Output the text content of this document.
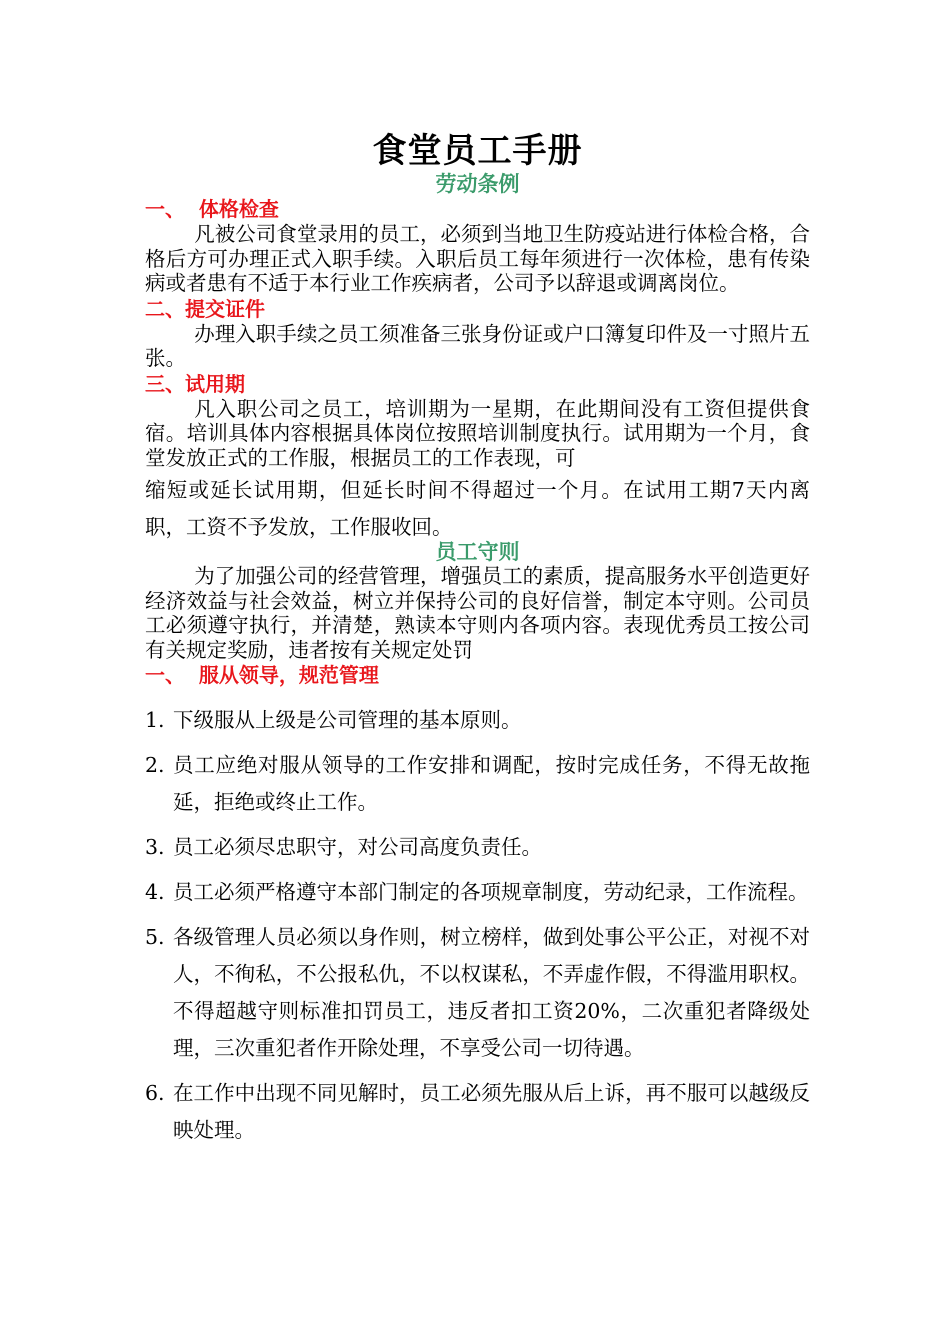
食堂员工手册
劳动条例
一、  体格检查

凡被公司食堂录用的员工，必须到当地卫生防疫站进行体检合格，合格后方可办理正式入职手续。入职后员工每年须进行一次体检，患有传染病或者患有不适于本行业工作疾病者，公司予以辞退或调离岗位。

二、提交证件

办理入职手续之员工须准备三张身份证或户口簿复印件及一寸照片五张。

三、试用期

凡入职公司之员工，培训期为一星期，在此期间没有工资但提供食宿。培训具体内容根据具体岗位按照培训制度执行。试用期为一个月，食堂发放正式的工作服，根据员工的工作表现，可

缩短或延长试用期，但延长时间不得超过一个月。在试用工期7天内离职，工资不予发放，工作服收回。

员工守则

为了加强公司的经营管理，增强员工的素质，提高服务水平创造更好经济效益与社会效益，树立并保持公司的良好信誉，制定本守则。公司员工必须遵守执行，并清楚，熟读本守则内各项内容。表现优秀员工按公司有关规定奖励，违者按有关规定处罚

一、  服从领导，规范管理
1. 下级服从上级是公司管理的基本原则。
2. 员工应绝对服从领导的工作安排和调配，按时完成任务，不得无故拖延，拒绝或终止工作。
3. 员工必须尽忠职守，对公司高度负责任。
4. 员工必须严格遵守本部门制定的各项规章制度，劳动纪录，工作流程。
5. 各级管理人员必须以身作则，树立榜样，做到处事公平公正，对视不对人，不徇私，不公报私仇，不以权谋私，不弄虚作假，不得滥用职权。不得超越守则标准扣罚员工，违反者扣工资20%，二次重犯者降级处理，三次重犯者作开除处理，不享受公司一切待遇。
6. 在工作中出现不同见解时，员工必须先服从后上诉，再不服可以越级反映处理。
